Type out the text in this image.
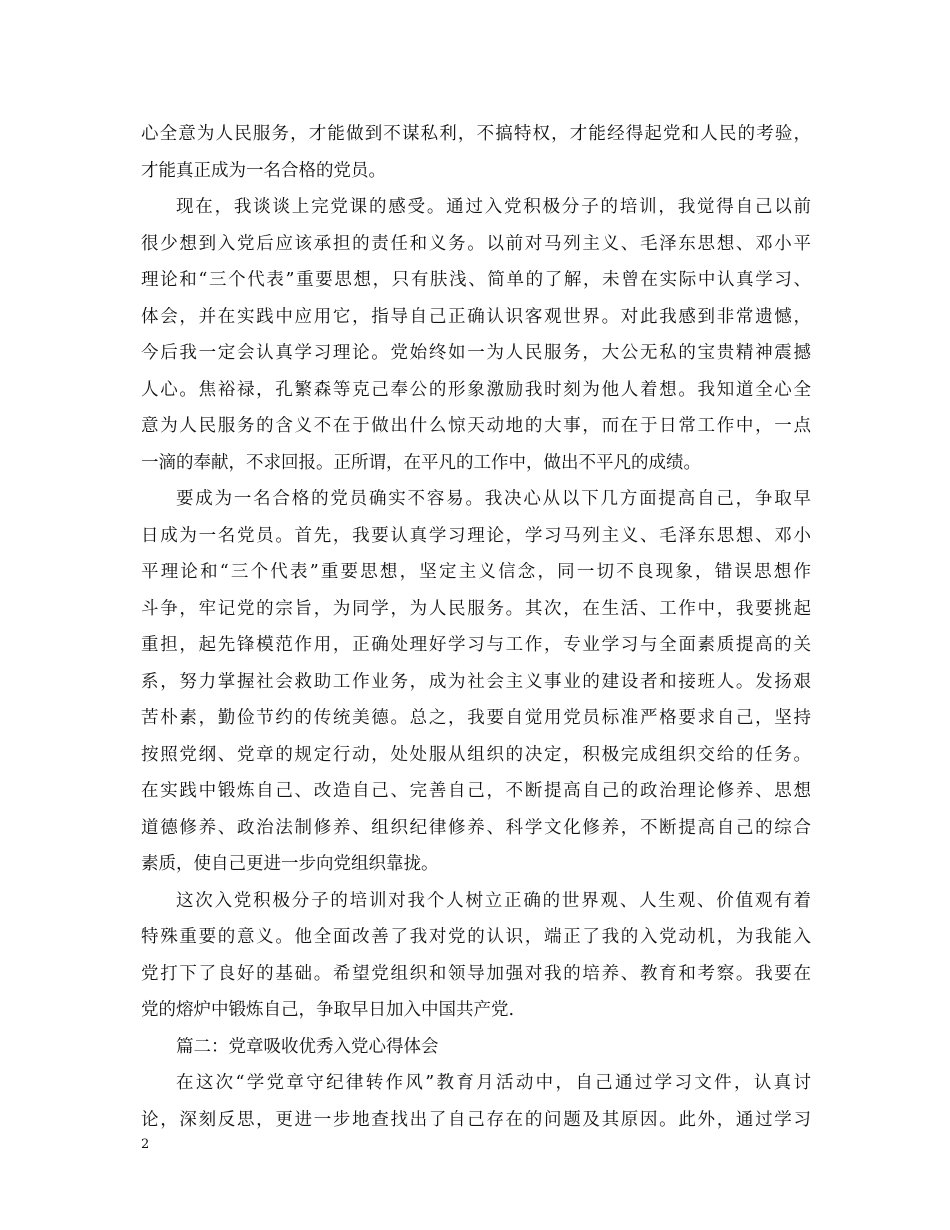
心全意为人民服务，才能做到不谋私利，不搞特权，才能经得起党和人民的考验，
才能真正成为一名合格的党员。
现在，我谈谈上完党课的感受。通过入党积极分子的培训，我觉得自己以前
很少想到入党后应该承担的责任和义务。以前对马列主义、毛泽东思想、邓小平
理论和“三个代表”重要思想，只有肤浅、简单的了解，未曾在实际中认真学习、
体会，并在实践中应用它，指导自己正确认识客观世界。对此我感到非常遗憾，
今后我一定会认真学习理论。党始终如一为人民服务，大公无私的宝贵精神震撼
人心。焦裕禄，孔繁森等克己奉公的形象激励我时刻为他人着想。我知道全心全
意为人民服务的含义不在于做出什么惊天动地的大事，而在于日常工作中，一点
一滴的奉献，不求回报。正所谓，在平凡的工作中，做出不平凡的成绩。
要成为一名合格的党员确实不容易。我决心从以下几方面提高自己，争取早
日成为一名党员。首先，我要认真学习理论，学习马列主义、毛泽东思想、邓小
平理论和“三个代表”重要思想，坚定主义信念，同一切不良现象，错误思想作
斗争，牢记党的宗旨，为同学，为人民服务。其次，在生活、工作中，我要挑起
重担，起先锋模范作用，正确处理好学习与工作，专业学习与全面素质提高的关
系，努力掌握社会救助工作业务，成为社会主义事业的建设者和接班人。发扬艰
苦朴素，勤俭节约的传统美德。总之，我要自觉用党员标准严格要求自己，坚持
按照党纲、党章的规定行动，处处服从组织的决定，积极完成组织交给的任务。
在实践中锻炼自己、改造自己、完善自己，不断提高自己的政治理论修养、思想
道德修养、政治法制修养、组织纪律修养、科学文化修养，不断提高自己的综合
素质，使自己更进一步向党组织靠拢。
这次入党积极分子的培训对我个人树立正确的世界观、人生观、价值观有着
特殊重要的意义。他全面改善了我对党的认识，端正了我的入党动机，为我能入
党打下了良好的基础。希望党组织和领导加强对我的培养、教育和考察。我要在
党的熔炉中锻炼自己，争取早日加入中国共产党.
篇二：党章吸收优秀入党心得体会
在这次“学党章守纪律转作风”教育月活动中，自己通过学习文件，认真讨
论，深刻反思，更进一步地查找出了自己存在的问题及其原因。此外，通过学习
2
